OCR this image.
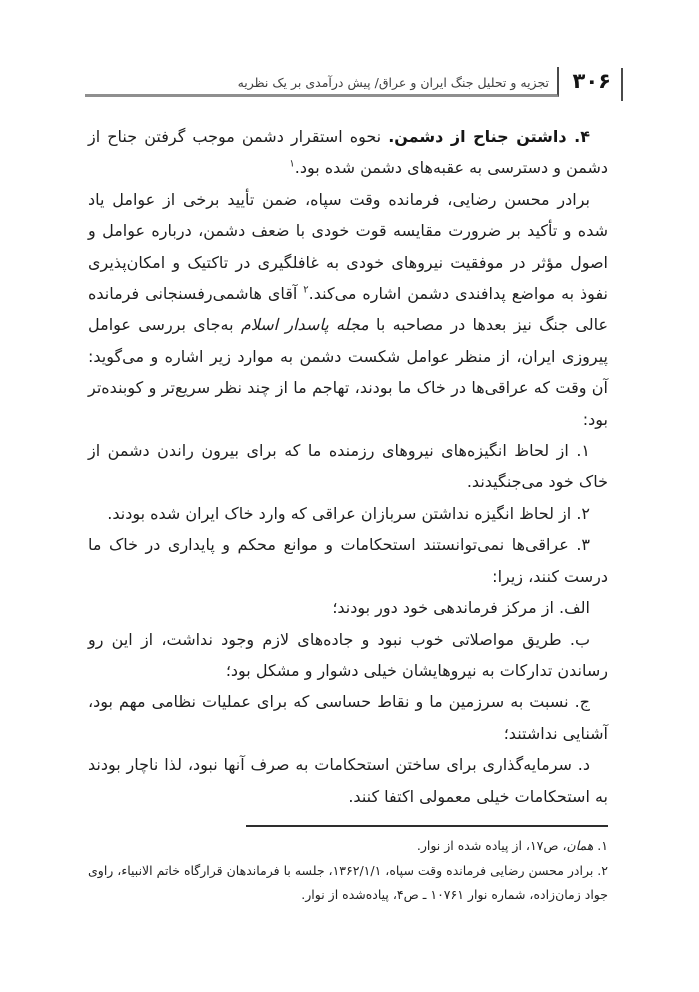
۳۰۶
تجزیه و تحلیل جنگ ایران و عراق/ پیش درآمدی بر یک نظریه

۴. داشتن جناح از دشمن. نحوه استقرار دشمن موجب گرفتن جناح از دشمن و دسترسی به عقبه‌های دشمن شده بود.$^۱$

برادر محسن رضایی، فرمانده وقت سپاه، ضمن تأیید برخی از عوامل یاد شده و تأکید بر ضرورت مقایسه قوت خودی با ضعف دشمن، درباره عوامل و اصول مؤثر در موفقیت نیروهای خودی به غافلگیری در تاکتیک و امکان‌پذیری نفوذ به مواضع پدافندی دشمن اشاره می‌کند.$^۲$ آقای هاشمی‌رفسنجانی فرمانده عالی جنگ نیز بعدها در مصاحبه با مجله پاسدار اسلام به‌جای بررسی عوامل پیروزی ایران، از منظر عوامل شکست دشمن به موارد زیر اشاره و می‌گوید: آن وقت که عراقی‌ها در خاک ما بودند، تهاجم ما از چند نظر سریع‌تر و کوبنده‌تر بود:

۱. از لحاظ انگیزه‌های نیروهای رزمنده ما که برای بیرون راندن دشمن از خاک خود می‌جنگیدند.

۲. از لحاظ انگیزه نداشتن سربازان عراقی که وارد خاک ایران شده بودند.

۳. عراقی‌ها نمی‌توانستند استحکامات و موانع محکم و پایداری در خاک ما درست کنند، زیرا:

الف. از مرکز فرماندهی خود دور بودند؛

ب. طریق مواصلاتی خوب نبود و جاده‌های لازم وجود نداشت، از این رو رساندن تدارکات به نیروهایشان خیلی دشوار و مشکل بود؛

ج. نسبت به سرزمین ما و نقاط حساسی که برای عملیات نظامی مهم بود، آشنایی نداشتند؛

د. سرمایه‌گذاری برای ساختن استحکامات به صرف آنها نبود، لذا ناچار بودند به استحکامات خیلی معمولی اکتفا کنند.

۱. همان، ص۱۷، از پیاده شده از نوار.

۲. برادر محسن رضایی فرمانده وقت سپاه، ۱۳۶۲/۱/۱، جلسه با فرماندهان قرارگاه خاتم الانبیاء، راوی جواد زمان‌زاده، شماره نوار ۱۰۷۶۱ ـ ص۴، پیاده‌شده از نوار.
